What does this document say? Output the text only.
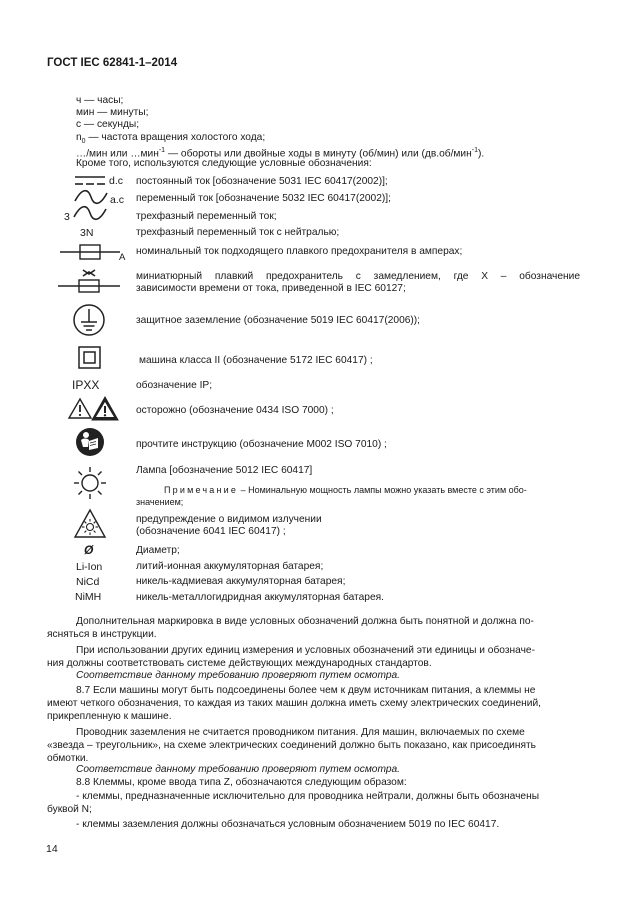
ГОСТ IEC 62841-1–2014
ч — часы;
мин — минуты;
с — секунды;
$n_0$ — частота вращения холостого хода;
…/мин или …мин$^{-1}$ — обороты или двойные ходы в минуту (об/мин) или (дв.об/мин$^{-1}$).
Кроме того, используются следующие условные обозначения:
d.c постоянный ток [обозначение 5031 IEC 60417(2002)];
a.c переменный ток [обозначение 5032 IEC 60417(2002)];
3	трехфазный переменный ток;
3N	трехфазный переменный ток с нейтралью;
A
номинальный ток подходящего плавкого предохранителя в амперах;
миниатюрный плавкий предохранитель с замедлением, где X – обозначение
зависимости времени от тока, приведенной в IEC 60127;
защитное заземление (обозначение 5019 IEC 60417(2006));
машина класса II (обозначение 5172 IEC 60417) ;
IPXX	обозначение IP;
осторожно (обозначение 0434 ISO 7000) ;
прочтите инструкцию (обозначение M002 ISO 7010) ;
Лампа [обозначение 5012 IEC 60417]
Примечание – Номинальную мощность лампы можно указать вместе с этим обо-
значением;
предупреждение о видимом излучении
(обозначение 6041 IEC 60417) ;
Ø	Диаметр;
Li-Ion	литий-ионная аккумуляторная батарея;
NiCd	никель-кадмиевая аккумуляторная батарея;
NiMH	никель-металлогидридная аккумуляторная батарея.
Дополнительная маркировка в виде условных обозначений должна быть понятной и должна по-
ясняться в инструкции.
При использовании других единиц измерения и условных обозначений эти единицы и обозначе-
ния должны соответствовать системе действующих международных стандартов.
Соответствие данному требованию проверяют путем осмотра.
8.7 Если машины могут быть подсоединены более чем к двум источникам питания, а клеммы не
имеют четкого обозначения, то каждая из таких машин должна иметь схему электрических соединений,
прикрепленную к машине.
Проводник заземления не считается проводником питания. Для машин, включаемых по схеме
«звезда – треугольник», на схеме электрических соединений должно быть показано, как присоединять
обмотки.
Соответствие данному требованию проверяют путем осмотра.
8.8 Клеммы, кроме ввода типа Z, обозначаются следующим образом:
- клеммы, предназначенные исключительно для проводника нейтрали, должны быть обозначены
буквой N;
- клеммы заземления должны обозначаться условным обозначением 5019 по IEC 60417.
14
